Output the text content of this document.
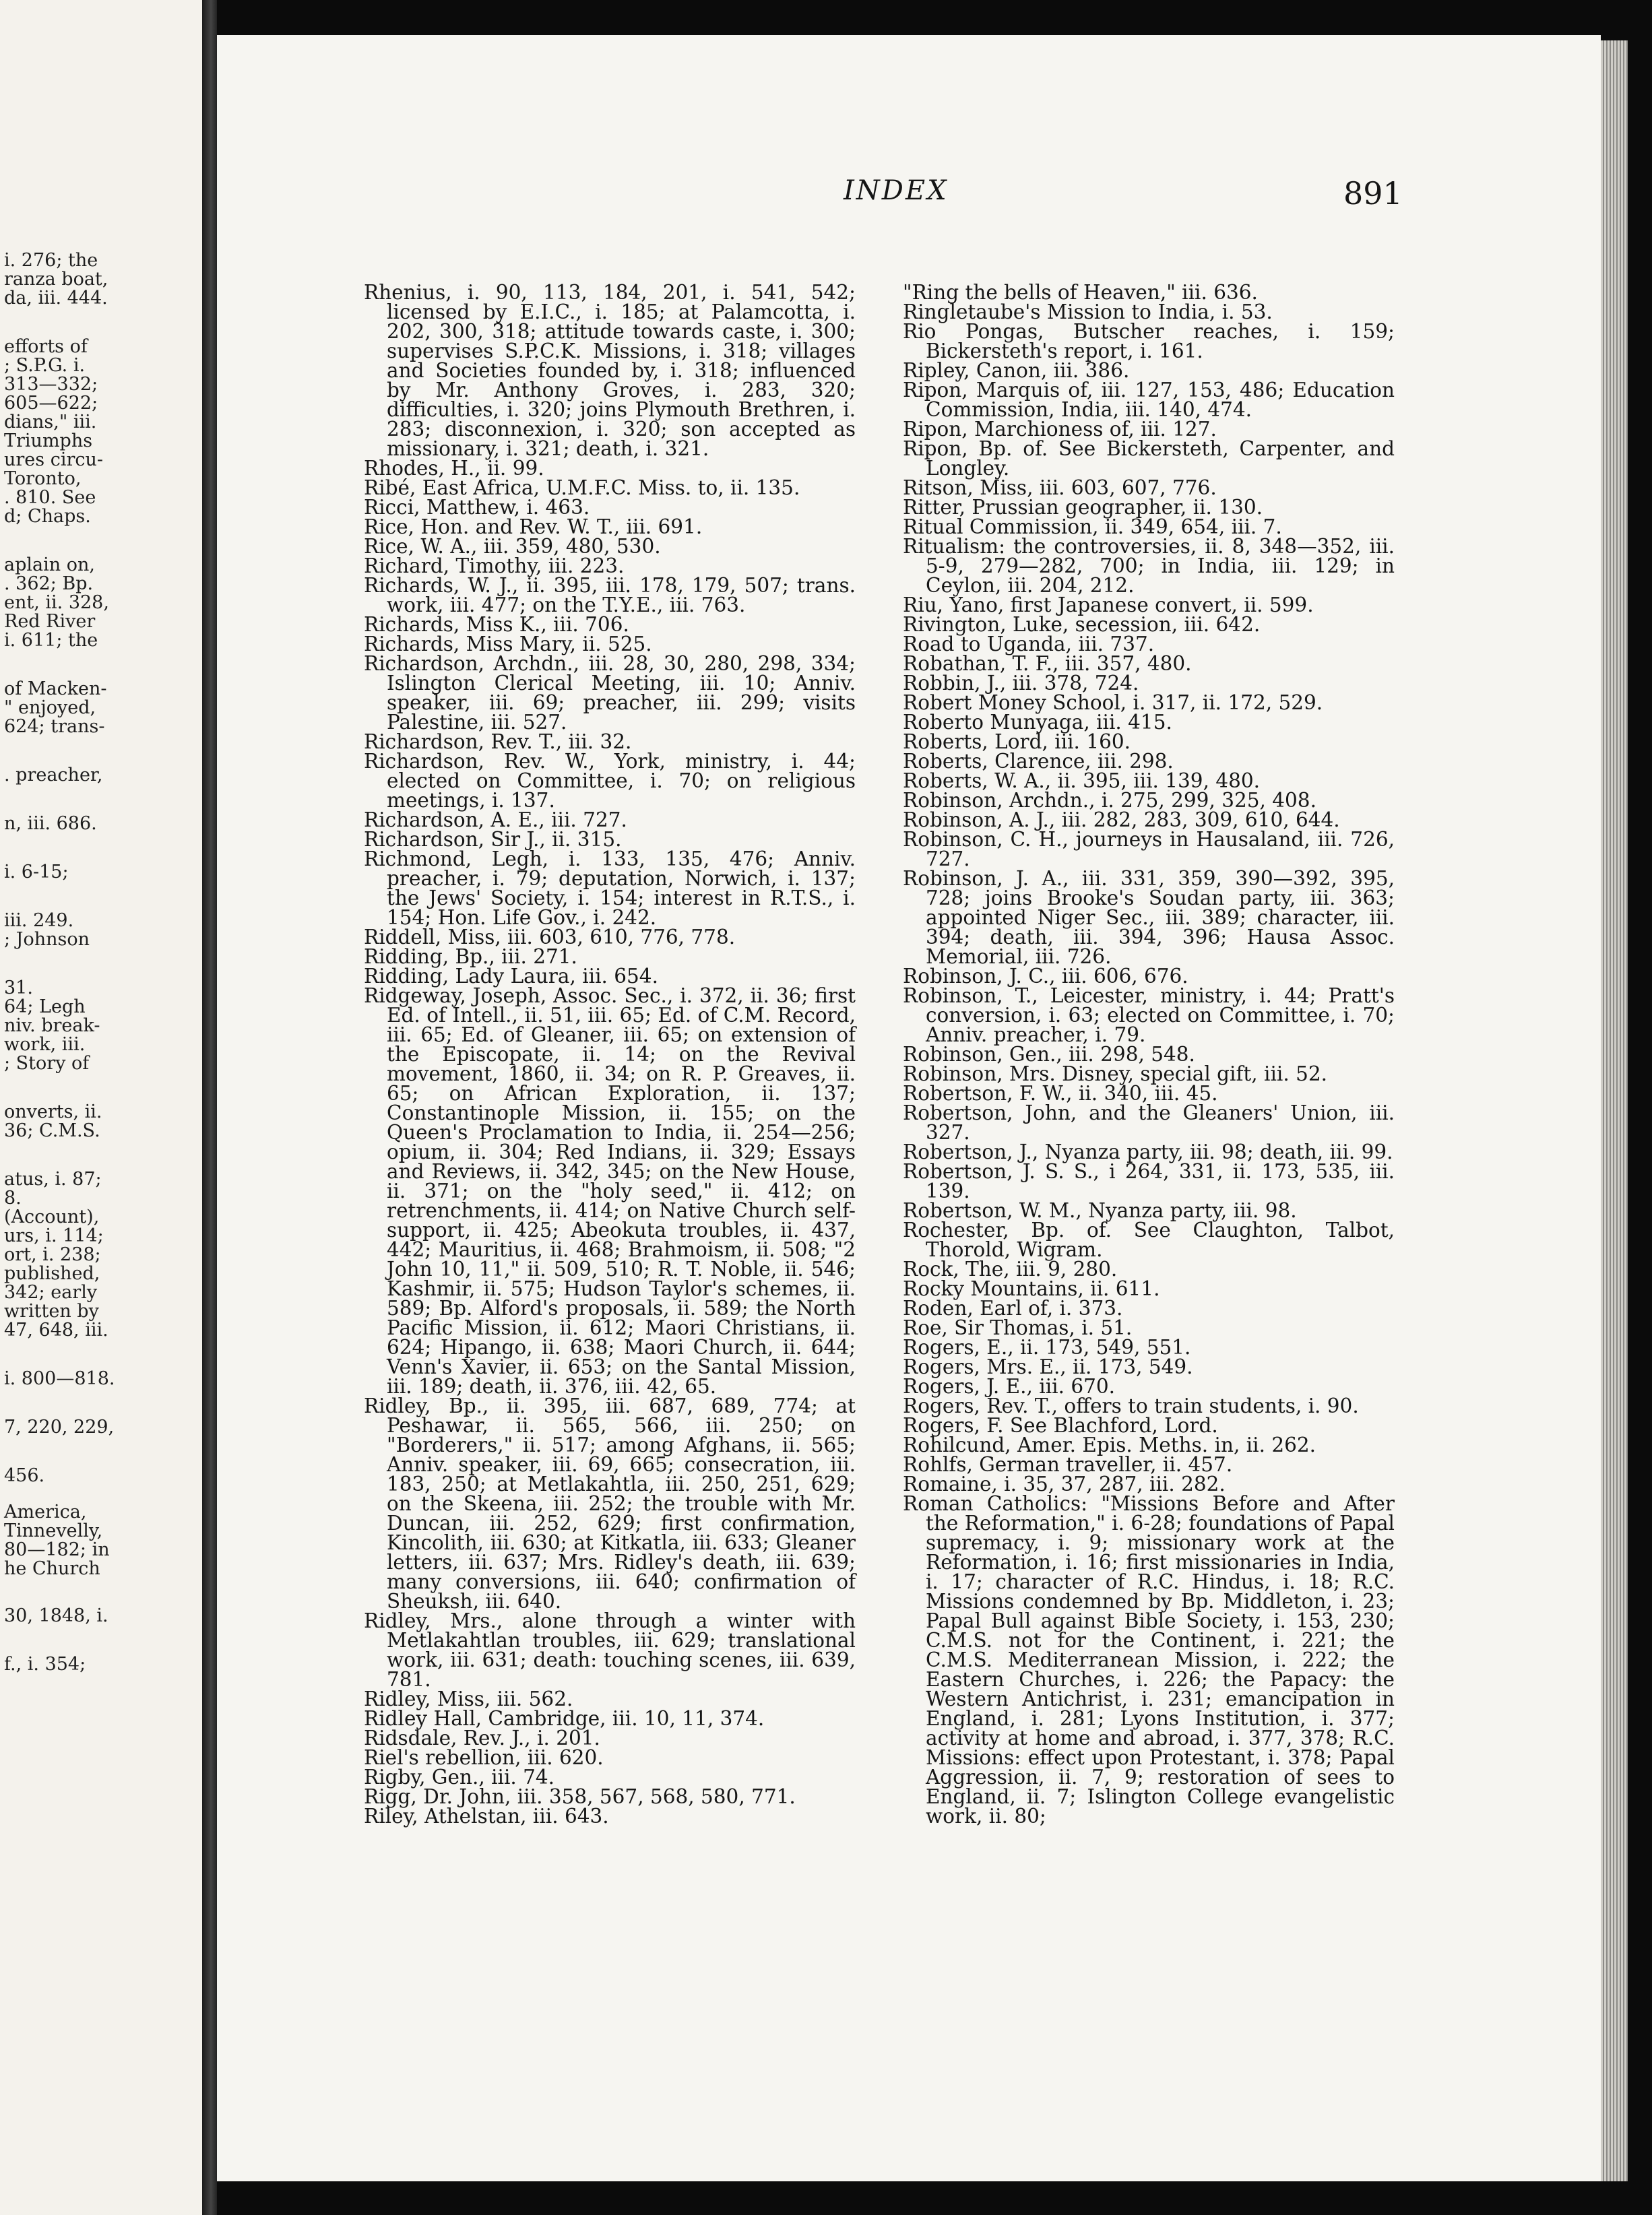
i. 276; the
ranza boat,
da, iii. 444.
efforts of
; S.P.G. i.
313—332;
605—622;
dians," iii.
Triumphs
ures circu-
Toronto,
. 810. See
d; Chaps.
aplain on,
. 362; Bp.
ent, ii. 328,
Red River
i. 611; the
of Macken-
" enjoyed,
624; trans-
. preacher,
n, iii. 686.
i. 6-15;
iii. 249.
; Johnson
31.
64; Legh
niv. break-
work, iii.
; Story of
onverts, ii.
36; C.M.S.
atus, i. 87;
8.
(Account),
urs, i. 114;
ort, i. 238;
published,
342; early
written by
47, 648, iii.
i. 800—818.
7, 220, 229,
456.
America,
Tinnevelly,
80—182; in
he Church
30, 1848, i.
f., i. 354;
INDEX	891

Rhenius, i. 90, 113, 184, 201, i. 541, 542; licensed by E.I.C., i. 185; at Palamcotta, i. 202, 300, 318; attitude towards caste, i. 300; supervises S.P.C.K. Missions, i. 318; villages and Societies founded by, i. 318; influenced by Mr. Anthony Groves, i. 283, 320; difficulties, i. 320; joins Plymouth Brethren, i. 283; disconnexion, i. 320; son accepted as missionary, i. 321; death, i. 321.

Rhodes, H., ii. 99.

Ribé, East Africa, U.M.F.C. Miss. to, ii. 135.

Ricci, Matthew, i. 463.

Rice, Hon. and Rev. W. T., iii. 691.

Rice, W. A., iii. 359, 480, 530.

Richard, Timothy, iii. 223.

Richards, W. J., ii. 395, iii. 178, 179, 507; trans. work, iii. 477; on the T.Y.E., iii. 763.

Richards, Miss K., iii. 706.

Richards, Miss Mary, ii. 525.

Richardson, Archdn., iii. 28, 30, 280, 298, 334; Islington Clerical Meeting, iii. 10; Anniv. speaker, iii. 69; preacher, iii. 299; visits Palestine, iii. 527.

Richardson, Rev. T., iii. 32.

Richardson, Rev. W., York, ministry, i. 44; elected on Committee, i. 70; on religious meetings, i. 137.

Richardson, A. E., iii. 727.

Richardson, Sir J., ii. 315.

Richmond, Legh, i. 133, 135, 476; Anniv. preacher, i. 79; deputation, Norwich, i. 137; the Jews' Society, i. 154; interest in R.T.S., i. 154; Hon. Life Gov., i. 242.

Riddell, Miss, iii. 603, 610, 776, 778.

Ridding, Bp., iii. 271.

Ridding, Lady Laura, iii. 654.

Ridgeway, Joseph, Assoc. Sec., i. 372, ii. 36; first Ed. of Intell., ii. 51, iii. 65; Ed. of C.M. Record, iii. 65; Ed. of Gleaner, iii. 65; on extension of the Episcopate, ii. 14; on the Revival movement, 1860, ii. 34; on R. P. Greaves, ii. 65; on African Exploration, ii. 137; Constantinople Mission, ii. 155; on the Queen's Proclamation to India, ii. 254—256; opium, ii. 304; Red Indians, ii. 329; Essays and Reviews, ii. 342, 345; on the New House, ii. 371; on the "holy seed," ii. 412; on retrenchments, ii. 414; on Native Church self-support, ii. 425; Abeokuta troubles, ii. 437, 442; Mauritius, ii. 468; Brahmoism, ii. 508; "2 John 10, 11," ii. 509, 510; R. T. Noble, ii. 546; Kashmir, ii. 575; Hudson Taylor's schemes, ii. 589; Bp. Alford's proposals, ii. 589; the North Pacific Mission, ii. 612; Maori Christians, ii. 624; Hipango, ii. 638; Maori Church, ii. 644; Venn's Xavier, ii. 653; on the Santal Mission, iii. 189; death, ii. 376, iii. 42, 65.

Ridley, Bp., ii. 395, iii. 687, 689, 774; at Peshawar, ii. 565, 566, iii. 250; on "Borderers," ii. 517; among Afghans, ii. 565; Anniv. speaker, iii. 69, 665; consecration, iii. 183, 250; at Metlakahtla, iii. 250, 251, 629; on the Skeena, iii. 252; the trouble with Mr. Duncan, iii. 252, 629; first confirmation, Kincolith, iii. 630; at Kitkatla, iii. 633; Gleaner letters, iii. 637; Mrs. Ridley's death, iii. 639; many conversions, iii. 640; confirmation of Sheuksh, iii. 640.

Ridley, Mrs., alone through a winter with Metlakahtlan troubles, iii. 629; translational work, iii. 631; death: touching scenes, iii. 639, 781.

Ridley, Miss, iii. 562.

Ridley Hall, Cambridge, iii. 10, 11, 374.

Ridsdale, Rev. J., i. 201.

Riel's rebellion, iii. 620.

Rigby, Gen., iii. 74.

Rigg, Dr. John, iii. 358, 567, 568, 580, 771.

Riley, Athelstan, iii. 643.

"Ring the bells of Heaven," iii. 636.

Ringletaube's Mission to India, i. 53.

Rio Pongas, Butscher reaches, i. 159; Bickersteth's report, i. 161.

Ripley, Canon, iii. 386.

Ripon, Marquis of, iii. 127, 153, 486; Education Commission, India, iii. 140, 474.

Ripon, Marchioness of, iii. 127.

Ripon, Bp. of. See Bickersteth, Carpenter, and Longley.

Ritson, Miss, iii. 603, 607, 776.

Ritter, Prussian geographer, ii. 130.

Ritual Commission, ii. 349, 654, iii. 7.

Ritualism: the controversies, ii. 8, 348—352, iii. 5-9, 279—282, 700; in India, iii. 129; in Ceylon, iii. 204, 212.

Riu, Yano, first Japanese convert, ii. 599.

Rivington, Luke, secession, iii. 642.

Road to Uganda, iii. 737.

Robathan, T. F., iii. 357, 480.

Robbin, J., iii. 378, 724.

Robert Money School, i. 317, ii. 172, 529.

Roberto Munyaga, iii. 415.

Roberts, Lord, iii. 160.

Roberts, Clarence, iii. 298.

Roberts, W. A., ii. 395, iii. 139, 480.

Robinson, Archdn., i. 275, 299, 325, 408.

Robinson, A. J., iii. 282, 283, 309, 610, 644.

Robinson, C. H., journeys in Hausaland, iii. 726, 727.

Robinson, J. A., iii. 331, 359, 390—392, 395, 728; joins Brooke's Soudan party, iii. 363; appointed Niger Sec., iii. 389; character, iii. 394; death, iii. 394, 396; Hausa Assoc. Memorial, iii. 726.

Robinson, J. C., iii. 606, 676.

Robinson, T., Leicester, ministry, i. 44; Pratt's conversion, i. 63; elected on Committee, i. 70; Anniv. preacher, i. 79.

Robinson, Gen., iii. 298, 548.

Robinson, Mrs. Disney, special gift, iii. 52.

Robertson, F. W., ii. 340, iii. 45.

Robertson, John, and the Gleaners' Union, iii. 327.

Robertson, J., Nyanza party, iii. 98; death, iii. 99.

Robertson, J. S. S., i 264, 331, ii. 173, 535, iii. 139.

Robertson, W. M., Nyanza party, iii. 98.

Rochester, Bp. of. See Claughton, Talbot, Thorold, Wigram.

Rock, The, iii. 9, 280.

Rocky Mountains, ii. 611.

Roden, Earl of, i. 373.

Roe, Sir Thomas, i. 51.

Rogers, E., ii. 173, 549, 551.

Rogers, Mrs. E., ii. 173, 549.

Rogers, J. E., iii. 670.

Rogers, Rev. T., offers to train students, i. 90.

Rogers, F. See Blachford, Lord.

Rohilcund, Amer. Epis. Meths. in, ii. 262.

Rohlfs, German traveller, ii. 457.

Romaine, i. 35, 37, 287, iii. 282.

Roman Catholics: "Missions Before and After the Reformation," i. 6-28; foundations of Papal supremacy, i. 9; missionary work at the Reformation, i. 16; first missionaries in India, i. 17; character of R.C. Hindus, i. 18; R.C. Missions condemned by Bp. Middleton, i. 23; Papal Bull against Bible Society, i. 153, 230; C.M.S. not for the Continent, i. 221; the C.M.S. Mediterranean Mission, i. 222; the Eastern Churches, i. 226; the Papacy: the Western Antichrist, i. 231; emancipation in England, i. 281; Lyons Institution, i. 377; activity at home and abroad, i. 377, 378; R.C. Missions: effect upon Protestant, i. 378; Papal Aggression, ii. 7, 9; restoration of sees to England, ii. 7; Islington College evangelistic work, ii. 80;
